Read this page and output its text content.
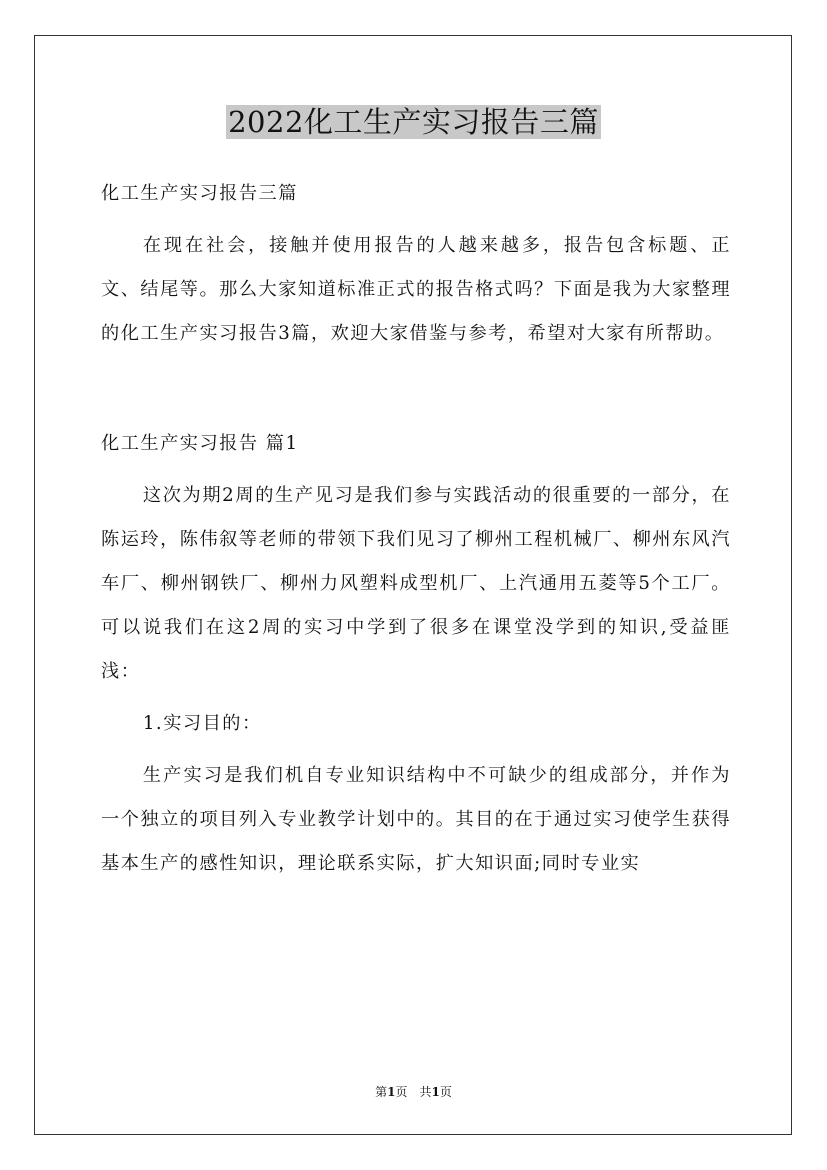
2022化工生产实习报告三篇

化工生产实习报告三篇

在现在社会，接触并使用报告的人越来越多，报告包含标题、正文、结尾等。那么大家知道标准正式的报告格式吗？下面是我为大家整理的化工生产实习报告3篇，欢迎大家借鉴与参考，希望对大家有所帮助。

化工生产实习报告 篇1

这次为期2周的生产见习是我们参与实践活动的很重要的一部分，在陈运玲，陈伟叙等老师的带领下我们见习了柳州工程机械厂、柳州东风汽车厂、柳州钢铁厂、柳州力风塑料成型机厂、上汽通用五菱等5个工厂。可以说我们在这2周的实习中学到了很多在课堂没学到的知识,受益匪浅：

1.实习目的：

生产实习是我们机自专业知识结构中不可缺少的组成部分，并作为一个独立的项目列入专业教学计划中的。其目的在于通过实习使学生获得基本生产的感性知识，理论联系实际，扩大知识面;同时专业实

第1页　共1页
